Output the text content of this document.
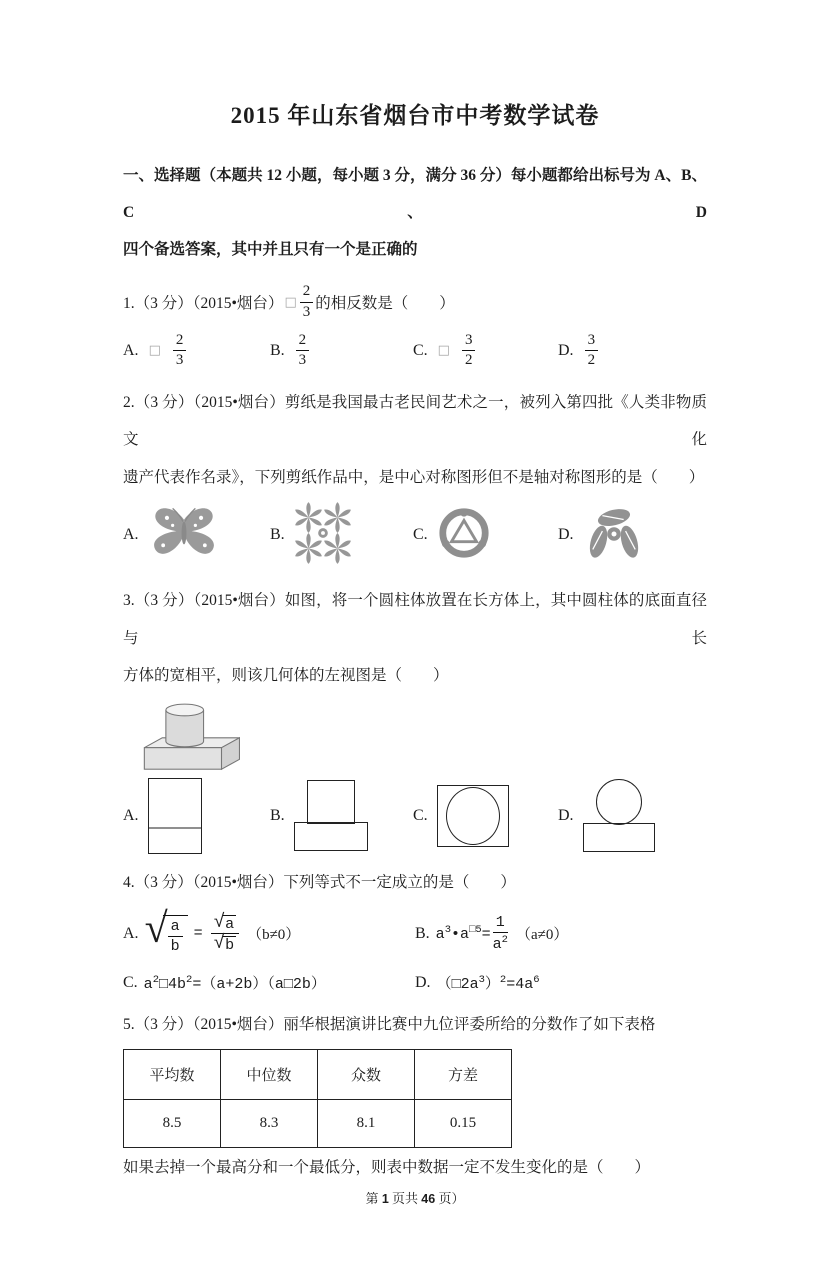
2015 年山东省烟台市中考数学试卷
一、选择题（本题共 12 小题，每小题 3 分，满分 36 分）每小题都给出标号为 A、B、C、D
四个备选答案，其中并且只有一个是正确的
1.（3 分）（2015•烟台） □ $\frac{2}{3}$ 的相反数是（　　）
A. □ $\frac{2}{3}$	B. $\frac{2}{3}$	C. □ $\frac{3}{2}$	D. $\frac{3}{2}$
2.（3 分）（2015•烟台）剪纸是我国最古老民间艺术之一，被列入第四批《人类非物质文化
遗产代表作名录》，下列剪纸作品中，是中心对称图形但不是轴对称图形的是（　　）
A.	B.	C.	D.
3.（3 分）（2015•烟台）如图，将一个圆柱体放置在长方体上，其中圆柱体的底面直径与长
方体的宽相平，则该几何体的左视图是（　　）
A.	B.	C.	D.
4.（3 分）（2015•烟台）下列等式不一定成立的是（　　）
A. √ $\frac{a}{b} = \frac{√ a}{√ b} (b\ne 0)$	B. $a^3•a^{□5}= \frac{1}{a^2} (a\ne 0)$
C. $a^2□4b^2=(a+2b)(a□2b)$	D. $(□2a^3)^2=4a^6$
5.（3 分）（2015•烟台）丽华根据演讲比赛中九位评委所给的分数作了如下表格
平均数	中位数	众数	方差
8.5	8.3	8.1	0.15
如果去掉一个最高分和一个最低分，则表中数据一定不发生变化的是（　　）
第 1 页共 46 页）
